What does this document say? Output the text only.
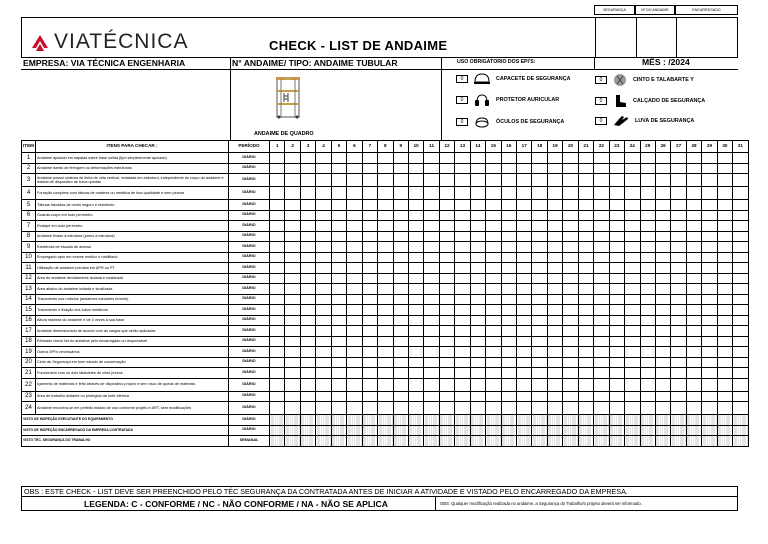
SEGURANÇA	Nº DO ANDAIME	ENCARREGADO
VIATÉCNICA	CHECK - LIST DE ANDAIME
EMPRESA: VIA TÉCNICA ENGENHARIA	N° ANDAIME/ TIPO: ANDAIME TUBULAR	USO OBRIGATÓRIO DOS EPI'S:	MÊS : /2024
ANDAIME DE QUADRO
0	CAPACETE DE SEGURANÇA
0	PROTETOR AURICULAR
0	ÓCULOS DE SEGURANÇA
0	CINTO E TALABARTE Y
0	CALÇADO DE SEGURANÇA
0	LUVA DE SEGURANÇA
ITEM	ITENS PARA CHECAR :	PERÍODO	1	2	3	4	5	6	7	8	9	10	11	12	13	14	15	16	17	18	19	20	21	22	23	24	25	26	27	28	29	30	31
1	Andaime apoiado em sapatas sobre base sólida (tipo simplesmente apoiado)	DIÁRIO																															
2	Andaime isento de ferrugem ou deformações estruturais	DIÁRIO																															
3	Andaime possui sistema de linha de vida vertical, instalada em estrutura, independente do corpo do andaime e dotada de dispositivo de trava quedas	DIÁRIO																															
4	Forração completa com tábuas de madeira ou metálica de boa qualidade e sem pintura	DIÁRIO																															
5	Tábuas travadas de modo seguro e resistente	DIÁRIO																															
6	Guarda-corpo em todo perímetro	DIÁRIO																															
7	Rodapé em todo perímetro	DIÁRIO																															
8	Andaime fixado à estrutura (preso a estrutura)	DIÁRIO																															
9	Existência de escada de acesso	DIÁRIO																															
10	Empregado apto em exame médico e habilitado	DIÁRIO																															
11	Utilização de andaime prevista em APR ou PT	DIÁRIO																															
12	Área do andaime devidamente isolada e sinalizada	DIÁRIO																															
13	Área abaixo do andaime isolada e sinalizada	DIÁRIO																															
14	Travamento nos rodízios (andaimes tubulares móveis)	DIÁRIO																															
15	Travamento e fixação dos tubos metálicos	DIÁRIO																															
16	Altura máxima do andaime é de 4 vezes a sua base	DIÁRIO																															
17	Andaime dimensionado de acordo com as cargas que serão aplicadas	DIÁRIO																															
18	Efetuado check list do andaime pelo encarregado ou responsável	DIÁRIO																															
19	Outros EPI's necessários	DIÁRIO																															
20	Cinto de Segurança em bom estado de conservação	DIÁRIO																															
21	Funcionário com os dois talabartes do cinto presos	DIÁRIO																															
22	Içamento de materiais é feito através de dispositivo próprio e sem risco de queda de materiais	DIÁRIO																															
23	Área de trabalho distante ou protegida da rede elétrica	DIÁRIO																															
24	Andaime encontra-se em perfeito estado de uso conforme projeto e ART, sem modificações	DIÁRIO																															
VISTO DE INSPEÇÃO EXECUTANTE DO EQUIPAMENTO		DIÁRIO																															
VISTO DE INSPEÇÃO ENCARREGADO DA EMPRESA CONTRATADA		DIÁRIO																															
VISTO TÉC. SEGURANÇA DO TRABALHO		SEMANAL																															
OBS : ESTE CHECK - LIST DEVE SER PREENCHIDO PELO TÉC SEGURANÇA DA CONTRATADA ANTES DE INICIAR A ATIVIDADE E VISTADO PELO ENCARREGADO DA EMPRESA.
LEGENDA: C - CONFORME / NC - NÃO CONFORME / NA - NÃO SE APLICA	OBS: Qualquer modificação realizada no andaime, a Segurança do Trabalho/o projeto deverá ser informado.
